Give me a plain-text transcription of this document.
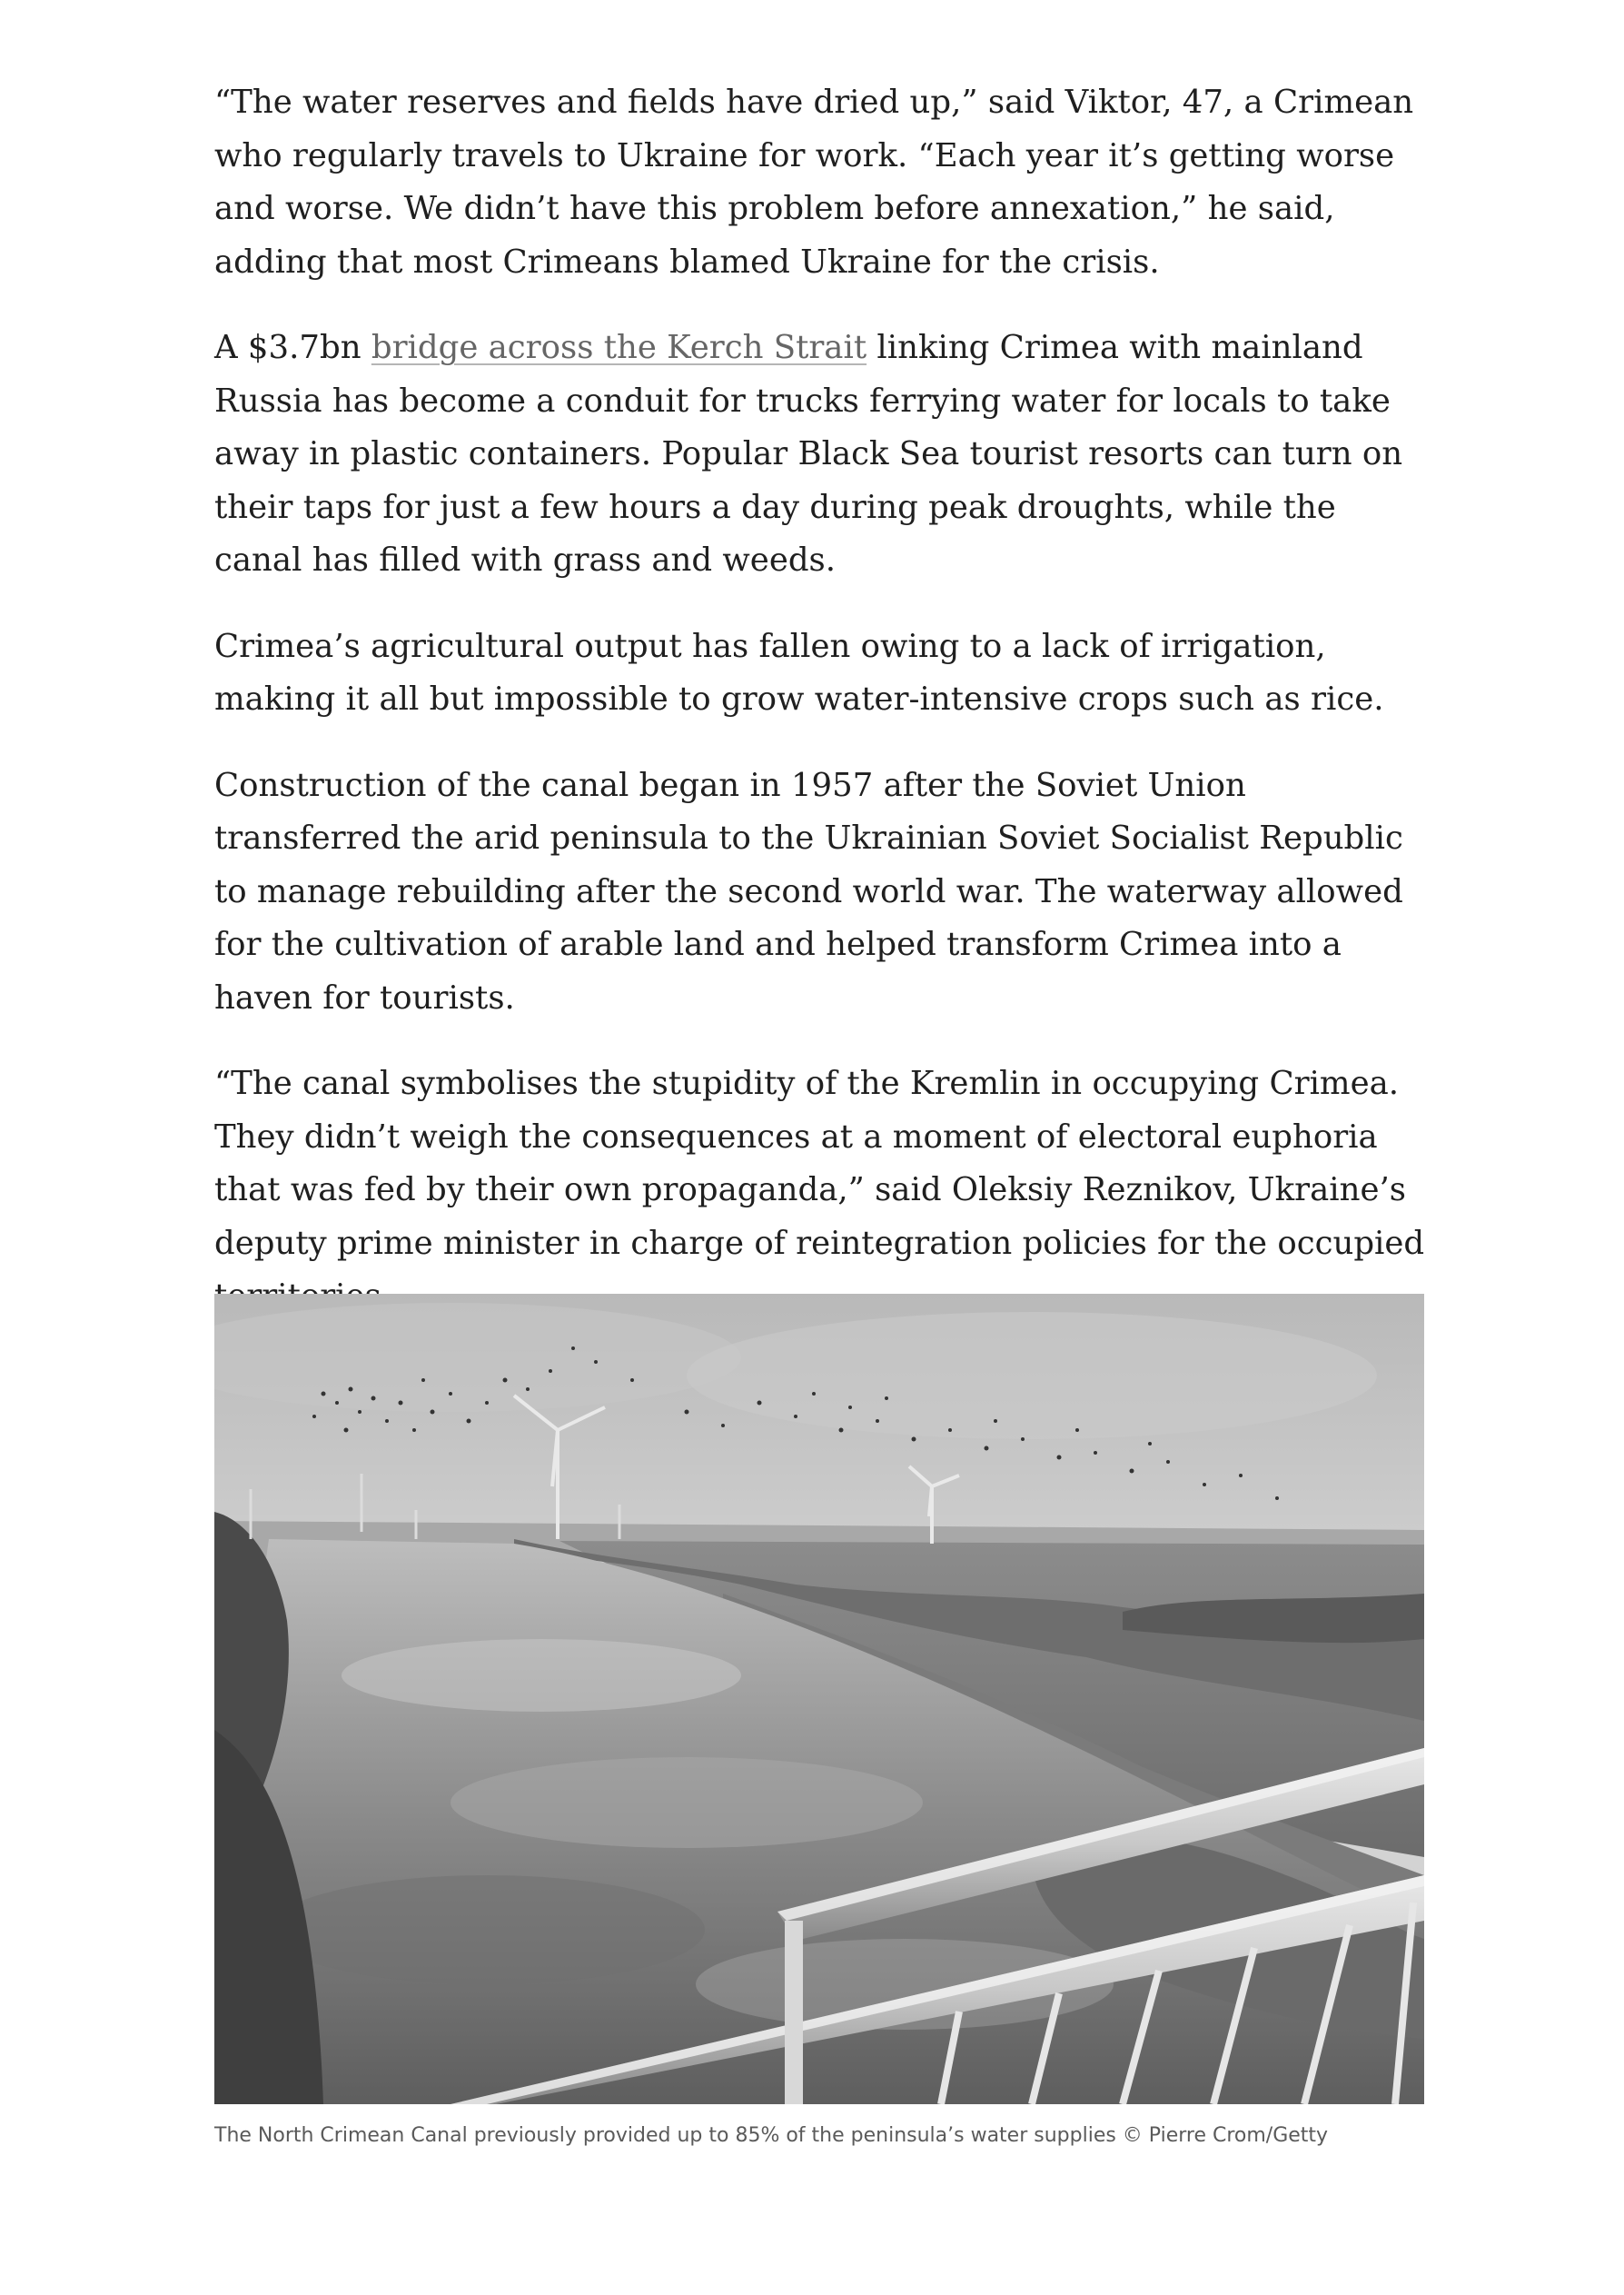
“The water reserves and fields have dried up,” said Viktor, 47, a Crimean who regularly travels to Ukraine for work. “Each year it’s getting worse and worse. We didn’t have this problem before annexation,” he said, adding that most Crimeans blamed Ukraine for the crisis.

A $3.7bn bridge across the Kerch Strait linking Crimea with mainland Russia has become a conduit for trucks ferrying water for locals to take away in plastic containers. Popular Black Sea tourist resorts can turn on their taps for just a few hours a day during peak droughts, while the canal has filled with grass and weeds.

Crimea’s agricultural output has fallen owing to a lack of irrigation, making it all but impossible to grow water-intensive crops such as rice.

Construction of the canal began in 1957 after the Soviet Union transferred the arid peninsula to the Ukrainian Soviet Socialist Republic to manage rebuilding after the second world war. The waterway allowed for the cultivation of arable land and helped transform Crimea into a haven for tourists.

“The canal symbolises the stupidity of the Kremlin in occupying Crimea. They didn’t weigh the consequences at a moment of electoral euphoria that was fed by their own propaganda,” said Oleksiy Reznikov, Ukraine’s deputy prime minister in charge of reintegration policies for the occupied

The North Crimean Canal previously provided up to 85% of the peninsula’s water supplies © Pierre Crom/Getty
